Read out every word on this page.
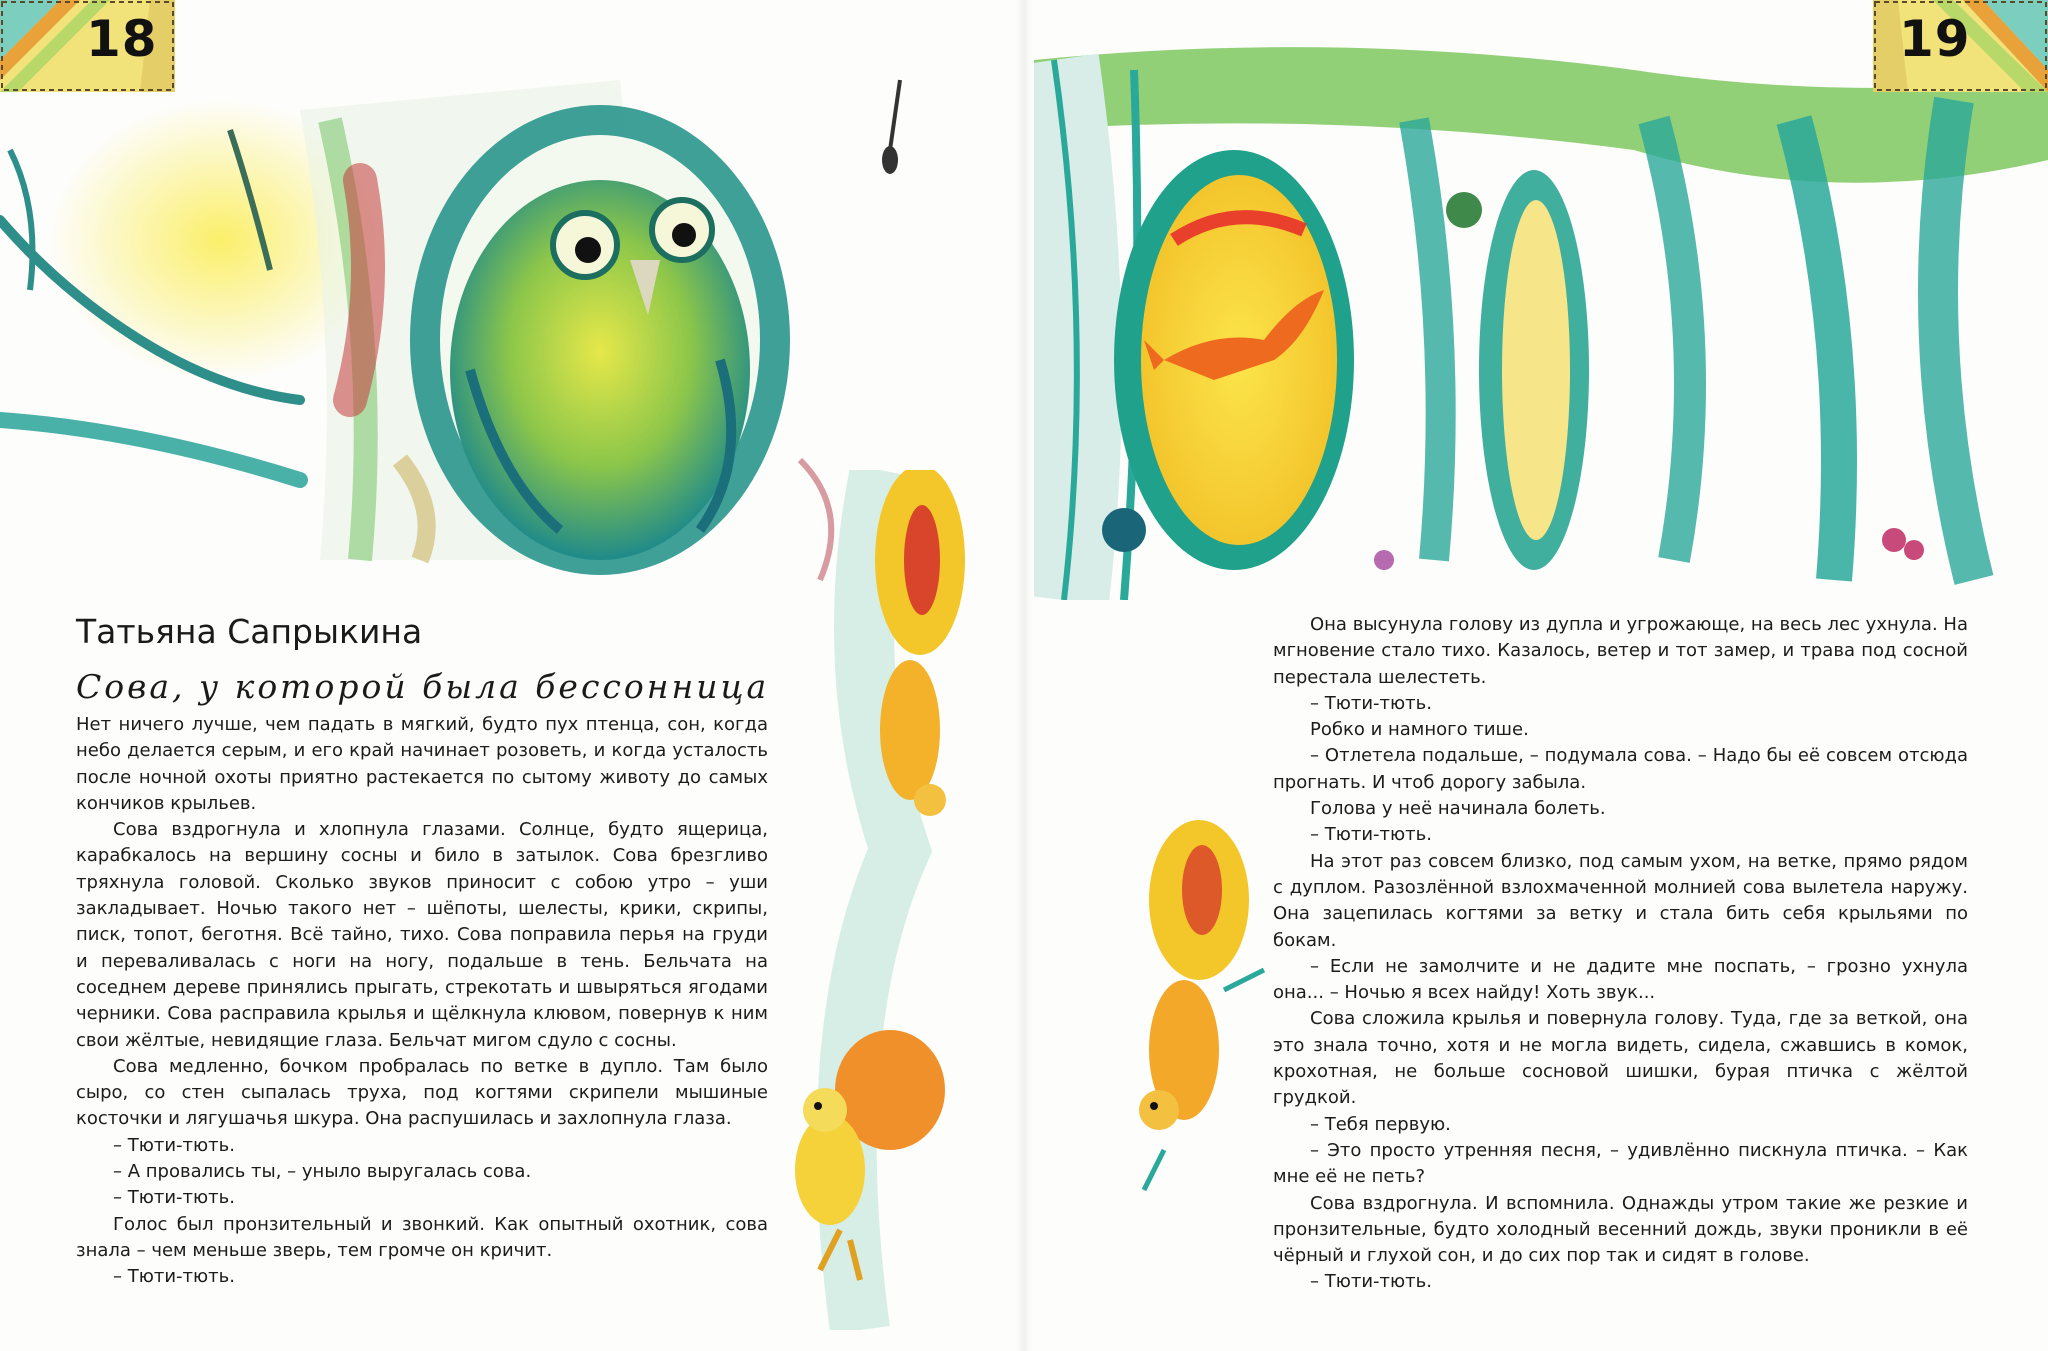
18
Татьяна Сапрыкина
Сова, у которой была бессонница

Нет ничего лучше, чем падать в мягкий, будто пух птенца, сон, когда небо делается серым, и его край начинает розоветь, и когда усталость после ночной охоты приятно растекается по сытому животу до самых кончиков крыльев.

Сова вздрогнула и хлопнула глазами. Солнце, будто ящерица, карабкалось на вершину сосны и било в затылок. Сова брезгливо тряхнула головой. Сколько звуков приносит с собою утро – уши закладывает. Ночью такого нет – шёпоты, шелесты, крики, скрипы, писк, топот, беготня. Всё тайно, тихо. Сова поправила перья на груди и переваливалась с ноги на ногу, подальше в тень. Бельчата на соседнем дереве принялись прыгать, стрекотать и швыряться ягодами черники. Сова расправила крылья и щёлкнула клювом, повернув к ним свои жёлтые, невидящие глаза. Бельчат мигом сдуло с сосны.

Сова медленно, бочком пробралась по ветке в дупло. Там было сыро, со стен сыпалась труха, под когтями скрипели мышиные косточки и лягушачья шкура. Она распушилась и захлопнула глаза.

– Тюти-тють.

– А провались ты, – уныло выругалась сова.

– Тюти-тють.

Голос был пронзительный и звонкий. Как опытный охотник, сова знала – чем меньше зверь, тем громче он кричит.

– Тюти-тють.

19

Она высунула голову из дупла и угрожающе, на весь лес ухнула. На мгновение стало тихо. Казалось, ветер и тот замер, и трава под сосной перестала шелестеть.

– Тюти-тють.

Робко и намного тише.

– Отлетела подальше, – подумала сова. – Надо бы её совсем отсюда прогнать. И чтоб дорогу забыла.

Голова у неё начинала болеть.

– Тюти-тють.

На этот раз совсем близко, под самым ухом, на ветке, прямо рядом с дуплом. Разозлённой взлохмаченной молнией сова вылетела наружу. Она зацепилась когтями за ветку и стала бить себя крыльями по бокам.

– Если не замолчите и не дадите мне поспать, – грозно ухнула она... – Ночью я всех найду! Хоть звук...

Сова сложила крылья и повернула голову. Туда, где за веткой, она это знала точно, хотя и не могла видеть, сидела, сжавшись в комок, крохотная, не больше сосновой шишки, бурая птичка с жёлтой грудкой.

– Тебя первую.

– Это просто утренняя песня, – удивлённо пискнула птичка. – Как мне её не петь?

Сова вздрогнула. И вспомнила. Однажды утром такие же резкие и пронзительные, будто холодный весенний дождь, звуки проникли в её чёрный и глухой сон, и до сих пор так и сидят в голове.

– Тюти-тють.
